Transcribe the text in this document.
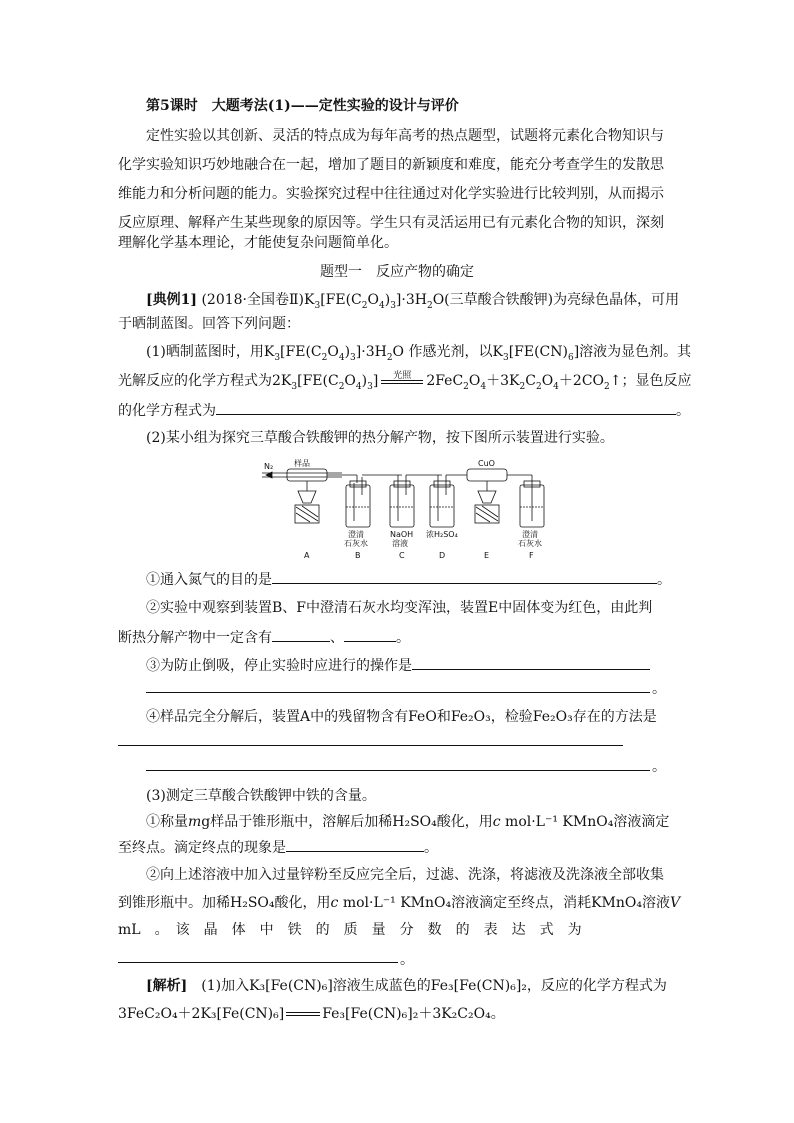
第5课时　大题考法(1)——定性实验的设计与评价
定性实验以其创新、灵活的特点成为每年高考的热点题型，试题将元素化合物知识与
化学实验知识巧妙地融合在一起，增加了题目的新颖度和难度，能充分考查学生的发散思
维能力和分析问题的能力。实验探究过程中往往通过对化学实验进行比较判别，从而揭示
反应原理、解释产生某些现象的原因等。学生只有灵活运用已有元素化合物的知识，深刻
理解化学基本理论，才能使复杂问题简单化。
题型一　反应产物的确定
[典例1] (2018·全国卷$Ⅱ)K_3[FE(C_2O_4)_3]\cdot 3H_2O$(三草酸合铁酸钾)为亮绿色晶体，可用
于晒制蓝图。回答下列问题：
(1)晒制蓝图时，用$K_3[FE(C_2O_4)_3]\cdot 3H_2O$ 作感光剂，以$K_3[FE(CN)_6]$溶液为显色剂。其
光解反应的化学方程式为$2K_3[FE(C_2O_4)_3]$	光照	$2FeC_2O_4+3K_2C_2O_4+2CO_2↑$；显色反应
的化学方程式为	。
(2)某小组为探究三草酸合铁酸钾的热分解产物，按下图所示装置进行实验。
N₂	样品	CuO
澄清
石灰水
NaOH
溶液
浓H₂SO₄	澄清
石灰水
A	B	C	D	E	F
①通入氮气的目的是	。
②实验中观察到装置B、F中澄清石灰水均变浑浊，装置E中固体变为红色，由此判
断热分解产物中一定含有	、	。
③为防止倒吸，停止实验时应进行的操作是
。
④样品完全分解后，装置A中的残留物含有FeO和Fe₂O₃，检验Fe₂O₃存在的方法是
。
(3)测定三草酸合铁酸钾中铁的含量。
①称量mg样品于锥形瓶中，溶解后加稀H₂SO₄酸化，用c mol·L⁻¹ KMnO₄溶液滴定
至终点。滴定终点的现象是	。
②向上述溶液中加入过量锌粉至反应完全后，过滤、洗涤，将滤液及洗涤液全部收集
到锥形瓶中。加稀H₂SO₄酸化，用c mol·L⁻¹ KMnO₄溶液滴定至终点，消耗KMnO₄溶液V
mL　。　该　晶　体　中　铁　的　质　量　分　数　的　表　达　式　为
。
[解析]　 (1)加入K₃[Fe(CN)₆]溶液生成蓝色的Fe₃[Fe(CN)₆]₂，反应的化学方程式为
3FeC₂O₄＋2K₃[Fe(CN)₆]	Fe₃[Fe(CN)₆]₂＋3K₂C₂O₄。
